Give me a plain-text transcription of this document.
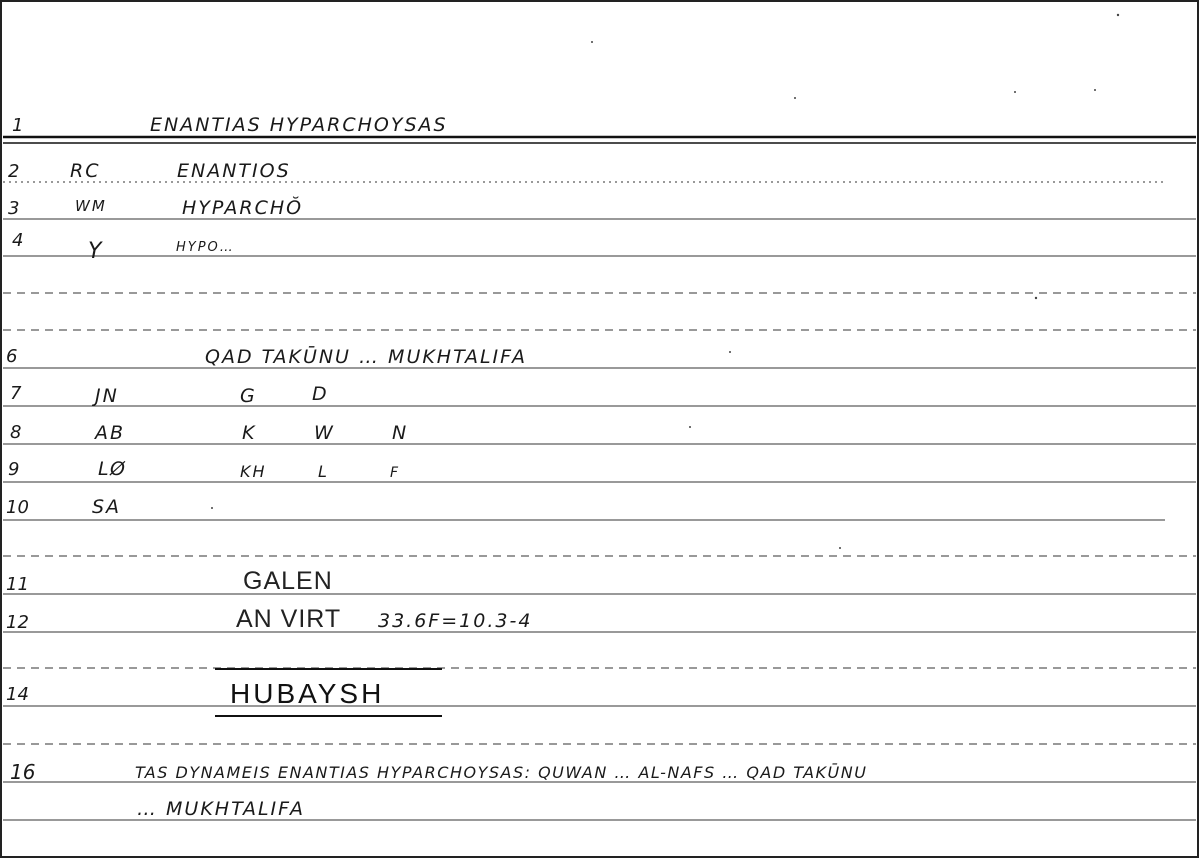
1	ENANTIAS HYPARCHOYSAS
2	RC	ENANTIOS
3	WM	HYPARCHŎ
4	Y	HYPO…
6	QAD TAKŪNU … MUKHTALIFA
7	JN	G	D
8	AB	K	W	N
9	LØ	KH	L	F
10	SA
11	GALEN
12	AN VIRT 33.6F=10.3-4
14	HUBAYSH
16	TAS DYNAMEIS ENANTIAS HYPARCHOYSAS: QUWAN … AL-NAFS … QAD TAKŪNU
… MUKHTALIFA
